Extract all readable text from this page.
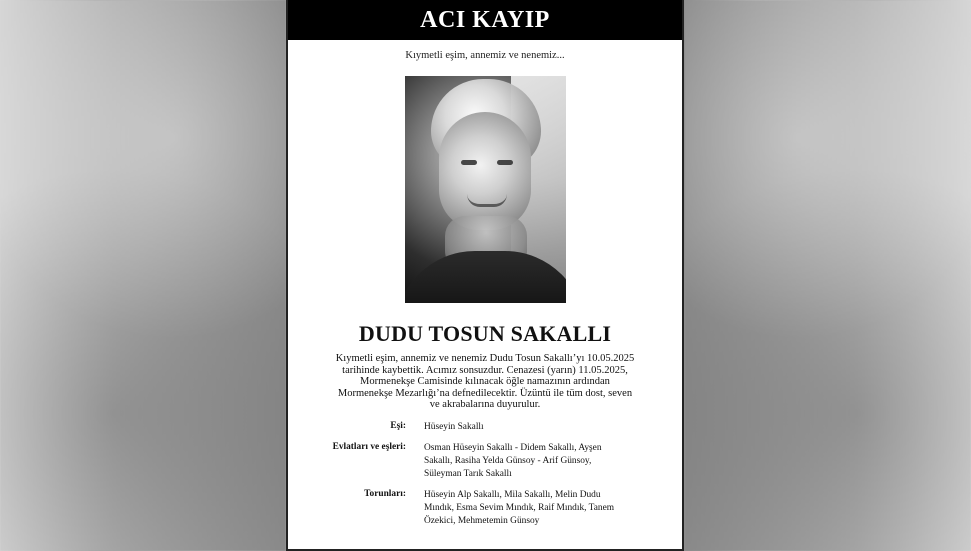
ACI KAYIP
Kıymetli eşim, annemiz ve nenemiz...
DUDU TOSUN SAKALLI
Kıymetli eşim, annemiz ve nenemiz Dudu Tosun Sakallı’yı 10.05.2025
tarihinde kaybettik. Acımız sonsuzdur. Cenazesi (yarın) 11.05.2025,
Mormenekşe Camisinde kılınacak öğle namazının ardından
Mormenekşe Mezarlığı’na defnedilecektir. Üzüntü ile tüm dost, seven
ve akrabalarına duyurulur.
Eşi:	Hüseyin Sakallı
Evlatları ve eşleri:	Osman Hüseyin Sakallı - Didem Sakallı, Ayşen
Sakallı, Rasiha Yelda Günsoy - Arif Günsoy,
Süleyman Tarık Sakallı
Torunları:	Hüseyin Alp Sakallı, Mila Sakallı, Melin Dudu
Mındık, Esma Sevim Mındık, Raif Mındık, Tanem
Özekici, Mehmetemin Günsoy
